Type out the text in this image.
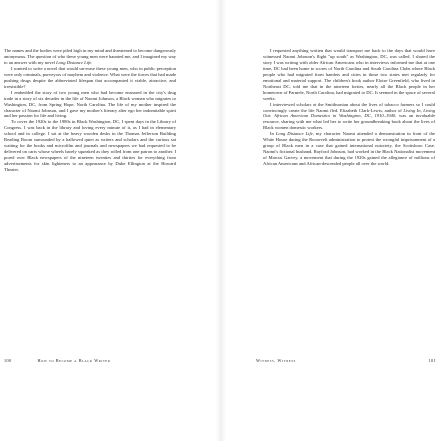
The names and the bodies were piled high in my mind and threatened to become dangerously anonymous. The question of who these young men were haunted me, and I imagined my way to an answer with my novel Long Distance Life.

I wanted to write a novel that would un-erase these young men, who in public perception were only criminals, purveyors of mayhem and violence. What were the forces that had made pushing drugs despite the abbreviated lifespan that accompanied it viable, attractive, and irresistible?

I embedded the story of two young men who had become ensnared in the city's drug trade in a story of six decades in the life of Naomi Johnson, a Black woman who migrates to Washington, DC, from Spring Hope, North Carolina. The life of my mother inspired the character of Naomi Johnson, and I gave my mother's literary alter ego her indomitable spirit and her passion for life and living.

To cover the 1920s to the 1980s in Black Washington, DC, I spent days in the Library of Congress. I was back in the library and loving every minute of it, as I had in elementary school and in college. I sat at the heavy wooden desks in the Thomas Jefferson Building Reading Room surrounded by a hallowed quiet as writers and scholars and the curious sat waiting for the books and microfilm and journals and newspapers we had requested to be delivered on carts whose wheels barely squeaked as they rolled from one patron to another. I pored over Black newspapers of the nineteen twenties and thirties for everything from advertisements for skin lighteners to an appearance by Duke Ellington at the Howard Theater.

100	How to Become a Black Writer

I requested anything written that would transport me back to the days that would have witnessed Naomi Johnson's flight "up south" as Washington, DC, was called. I shared the story I was writing with older African Americans who in interviews informed me that at one time, DC had been home to scores of North Carolina and South Carolina Clubs where Black people who had migrated from hamlets and cities in those two states met regularly for emotional and material support. The children's book author Eloise Greenfield, who lived in Northeast DC, told me that in the nineteen forties, nearly all the Black people in her hometown of Parmele, North Carolina, had migrated to DC. It seemed in the space of several weeks.

I interviewed scholars at the Smithsonian about the lives of tobacco farmers so I could convincingly create the life Naomi fled. Elizabeth Clark-Lewis, author of Living In, Living Out: African American Domestics in Washington, DC, 1910–1940, was an invaluable resource, sharing with me what led her to write her groundbreaking book about the lives of Black women domestic workers.

In Long Distance Life, my character Naomi attended a demonstration in front of the White House during the Roosevelt administration to protest the wrongful imprisonment of a group of Black men in a case that gained international notoriety, the Scottsboro Case. Naomi's fictional husband, Rayford Johnson, had worked in the Black Nationalist movement of Marcus Garvey, a movement that during the 1920s gained the allegiance of millions of African Americans and African-descended people all over the world.

Witness, Witness	101
